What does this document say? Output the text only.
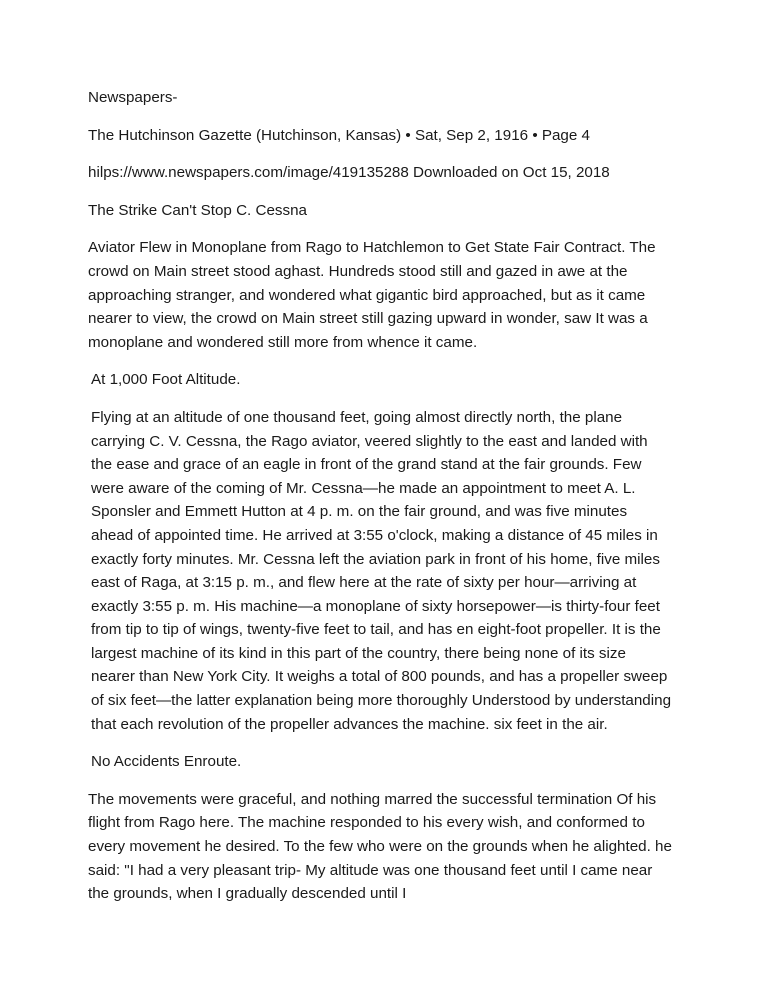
Newspapers-

The Hutchinson Gazette (Hutchinson, Kansas) • Sat, Sep 2, 1916 • Page 4

hilps://www.newspapers.com/image/419135288 Downloaded on Oct 15, 2018

The Strike Can't Stop C. Cessna

Aviator Flew in Monoplane from Rago to Hatchlemon to Get State Fair Contract. The crowd on Main street stood aghast. Hundreds stood still and gazed in awe at the approaching stranger, and wondered what gigantic bird approached, but as it came nearer to view, the crowd on Main street still gazing upward in wonder, saw It was a monoplane and wondered still more from whence it came.

At 1,000 Foot Altitude.

Flying at an altitude of one thousand feet, going almost directly north, the plane carrying C. V. Cessna, the Rago aviator, veered slightly to the east and landed with the ease and grace of an eagle in front of the grand stand at the fair grounds. Few were aware of the coming of Mr. Cessna—he made an appointment to meet A. L. Sponsler and Emmett Hutton at 4 p. m. on the fair ground, and was five minutes ahead of appointed time. He arrived at 3:55 o'clock, making a distance of 45 miles in exactly forty minutes. Mr. Cessna left the aviation park in front of his home, five miles east of Raga, at 3:15 p. m., and flew here at the rate of sixty per hour—arriving at exactly 3:55 p. m. His machine—a monoplane of sixty horsepower—is thirty-four feet from tip to tip of wings, twenty-five feet to tail, and has en eight-foot propeller. It is the largest machine of its kind in this part of the country, there being none of its size nearer than New York City. It weighs a total of 800 pounds, and has a propeller sweep of six feet—the latter explanation being more thoroughly Understood by understanding that each revolution of the propeller advances the machine. six feet in the air.

No Accidents Enroute.

The movements were graceful, and nothing marred the successful termination Of his flight from Rago here. The machine responded to his every wish, and conformed to every movement he desired. To the few who were on the grounds when he alighted. he said: "I had a very pleasant trip- My altitude was one thousand feet until I came near the grounds, when I gradually descended until I
